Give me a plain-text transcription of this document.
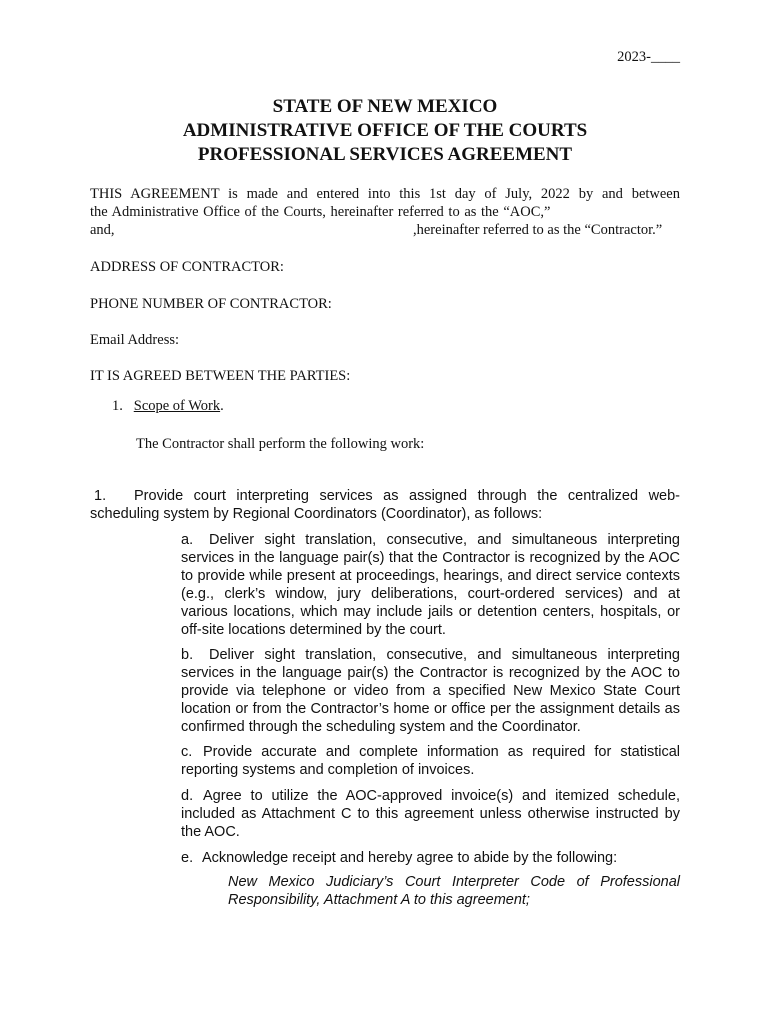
2023-____
STATE OF NEW MEXICO
ADMINISTRATIVE OFFICE OF THE COURTS
PROFESSIONAL SERVICES AGREEMENT
THIS AGREEMENT is made and entered into this 1st day of July, 2022 by and between
the Administrative Office of the Courts, hereinafter referred to as the “AOC,”
and,	,hereinafter referred to as the “Contractor.”
ADDRESS OF CONTRACTOR:
PHONE NUMBER OF CONTRACTOR:
Email Address:
IT IS AGREED BETWEEN THE PARTIES:
1. Scope of Work.
The Contractor shall perform the following work:
1. Provide court interpreting services as assigned through the centralized web-scheduling system by Regional Coordinators (Coordinator), as follows:
a. Deliver sight translation, consecutive, and simultaneous interpreting services in the language pair(s) that the Contractor is recognized by the AOC to provide while present at proceedings, hearings, and direct service contexts (e.g., clerk’s window, jury deliberations, court-ordered services) and at various locations, which may include jails or detention centers, hospitals, or off-site locations determined by the court.
b. Deliver sight translation, consecutive, and simultaneous interpreting services in the language pair(s) the Contractor is recognized by the AOC to provide via telephone or video from a specified New Mexico State Court location or from the Contractor’s home or office per the assignment details as confirmed through the scheduling system and the Coordinator.
c. Provide accurate and complete information as required for statistical reporting systems and completion of invoices.
d. Agree to utilize the AOC-approved invoice(s) and itemized schedule, included as Attachment C to this agreement unless otherwise instructed by the AOC.
e. Acknowledge receipt and hereby agree to abide by the following:
New Mexico Judiciary’s Court Interpreter Code of Professional Responsibility, Attachment A to this agreement;
